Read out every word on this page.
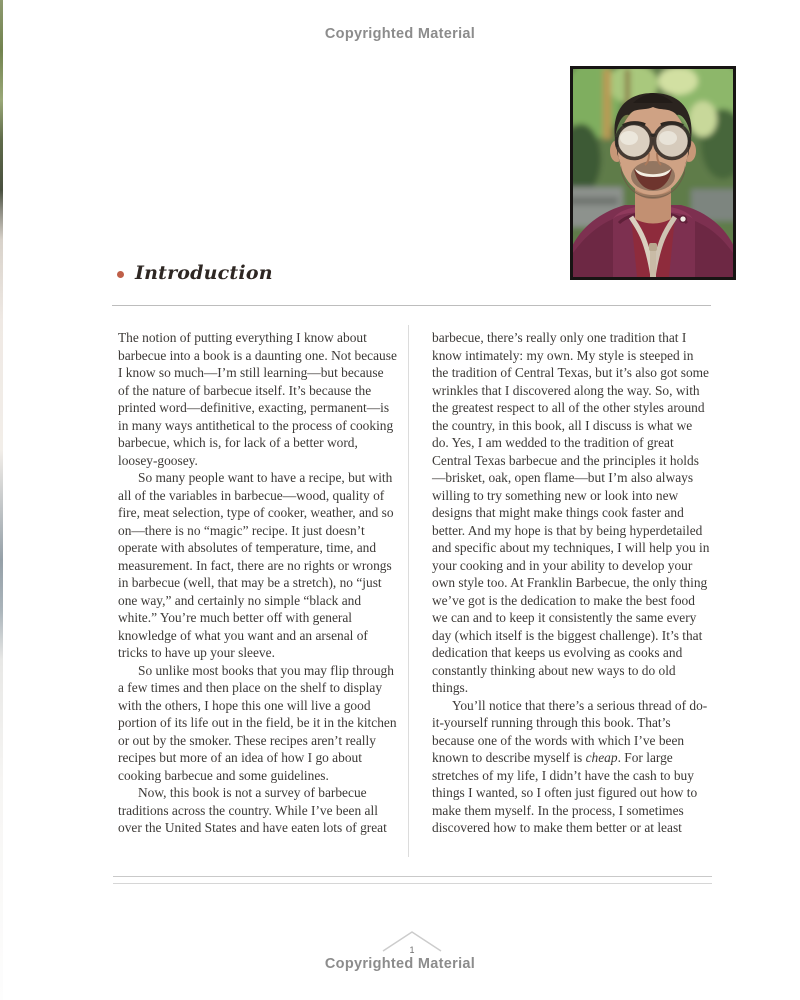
Copyrighted Material
Introduction

The notion of putting everything I know about barbecue into a book is a daunting one. Not because I know so much—I’m still learning—but because of the nature of barbecue itself. It’s because the printed word—definitive, exacting, permanent—is in many ways antithetical to the process of cooking barbecue, which is, for lack of a better word, loosey-goosey.

So many people want to have a recipe, but with all of the variables in barbecue—wood, quality of fire, meat selection, type of cooker, weather, and so on—there is no “magic” recipe. It just doesn’t operate with absolutes of temperature, time, and measurement. In fact, there are no rights or wrongs in barbecue (well, that may be a stretch), no “just one way,” and certainly no simple “black and white.” You’re much better off with general knowledge of what you want and an arsenal of tricks to have up your sleeve.

So unlike most books that you may flip through a few times and then place on the shelf to display with the others, I hope this one will live a good portion of its life out in the field, be it in the kitchen or out by the smoker. These recipes aren’t really recipes but more of an idea of how I go about cooking barbecue and some guidelines.

Now, this book is not a survey of barbecue traditions across the country. While I’ve been all over the United States and have eaten lots of great

barbecue, there’s really only one tradition that I know intimately: my own. My style is steeped in the tradition of Central Texas, but it’s also got some wrinkles that I discovered along the way. So, with the greatest respect to all of the other styles around the country, in this book, all I discuss is what we do. Yes, I am wedded to the tradition of great Central Texas barbecue and the principles it holds—brisket, oak, open flame—but I’m also always willing to try something new or look into new designs that might make things cook faster and better. And my hope is that by being hyperdetailed and specific about my techniques, I will help you in your cooking and in your ability to develop your own style too. At Franklin Barbecue, the only thing we’ve got is the dedication to make the best food we can and to keep it consistently the same every day (which itself is the biggest challenge). It’s that dedication that keeps us evolving as cooks and constantly thinking about new ways to do old things.

You’ll notice that there’s a serious thread of do-it-yourself running through this book. That’s because one of the words with which I’ve been known to describe myself is cheap. For large stretches of my life, I didn’t have the cash to buy things I wanted, so I often just figured out how to make them myself. In the process, I sometimes discovered how to make them better or at least

1
Copyrighted Material
